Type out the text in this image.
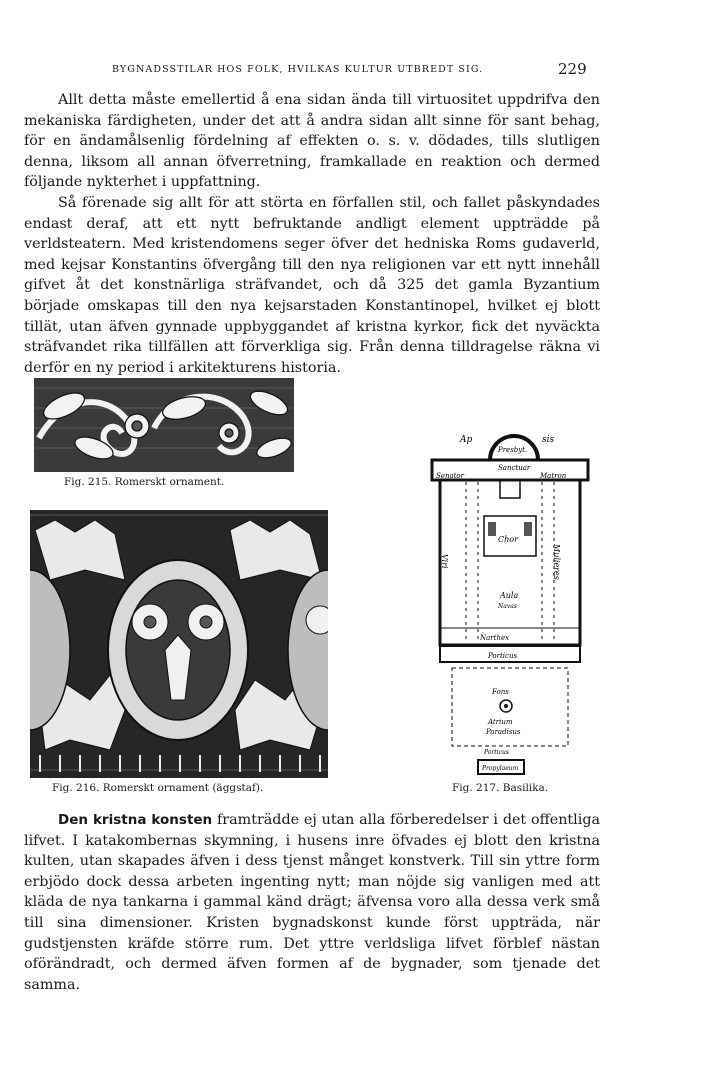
BYGNADSSTILAR HOS FOLK, HVILKAS KULTUR UTBREDT SIG.	229

Allt detta måste emellertid å ena sidan ända till virtuositet uppdrifva den mekaniska färdigheten, under det att å andra sidan allt sinne för sant behag, för en ändamålsenlig fördelning af effekten o. s. v. dödades, tills slutligen denna, liksom all annan öfverretning, framkallade en reaktion och dermed följande nykterhet i uppfattning.

Så förenade sig allt för att störta en förfallen stil, och fallet påskyndades endast deraf, att ett nytt befruktande andligt element uppträdde på verldsteatern. Med kristendomens seger öfver det hedniska Roms gudaverld, med kejsar Konstantins öfvergång till den nya religionen var ett nytt innehåll gifvet åt det konstnärliga sträfvandet, och då 325 det gamla Byzantium började omskapas till den nya kejsarstaden Konstantinopel, hvilket ej blott tillät, utan äfven gynnade uppbyggandet af kristna kyrkor, fick det nyväckta sträfvandet rika tillfällen att förverkliga sig. Från denna tilldragelse räkna vi derför en ny period i arkitekturens historia.

Fig. 215. Romerskt ornament.
Fig. 216. Romerskt ornament (äggstaf).
Ap	sis
Presbyt.
Sanctuar
Senator	Matron
Chor
Viri	Mulieres
Aula
Navas
Narthex
Porticus
Fons
Atrium
Paradisus
Porticus
Propylaeum
Fig. 217. Basilika.

Den kristna konsten framträdde ej utan alla förberedelser i det offentliga lifvet. I katakombernas skymning, i husens inre öfvades ej blott den kristna kulten, utan skapades äfven i dess tjenst månget konstverk. Till sin yttre form erbjödo dock dessa arbeten ingenting nytt; man nöjde sig vanligen med att kläda de nya tankarna i gammal känd drägt; äfvensa voro alla dessa verk små till sina dimensioner. Kristen bygnadskonst kunde först uppträda, när gudstjensten kräfde större rum. Det yttre verldsliga lifvet förblef nästan oförändradt, och dermed äfven formen af de bygnader, som tjenade det samma.
